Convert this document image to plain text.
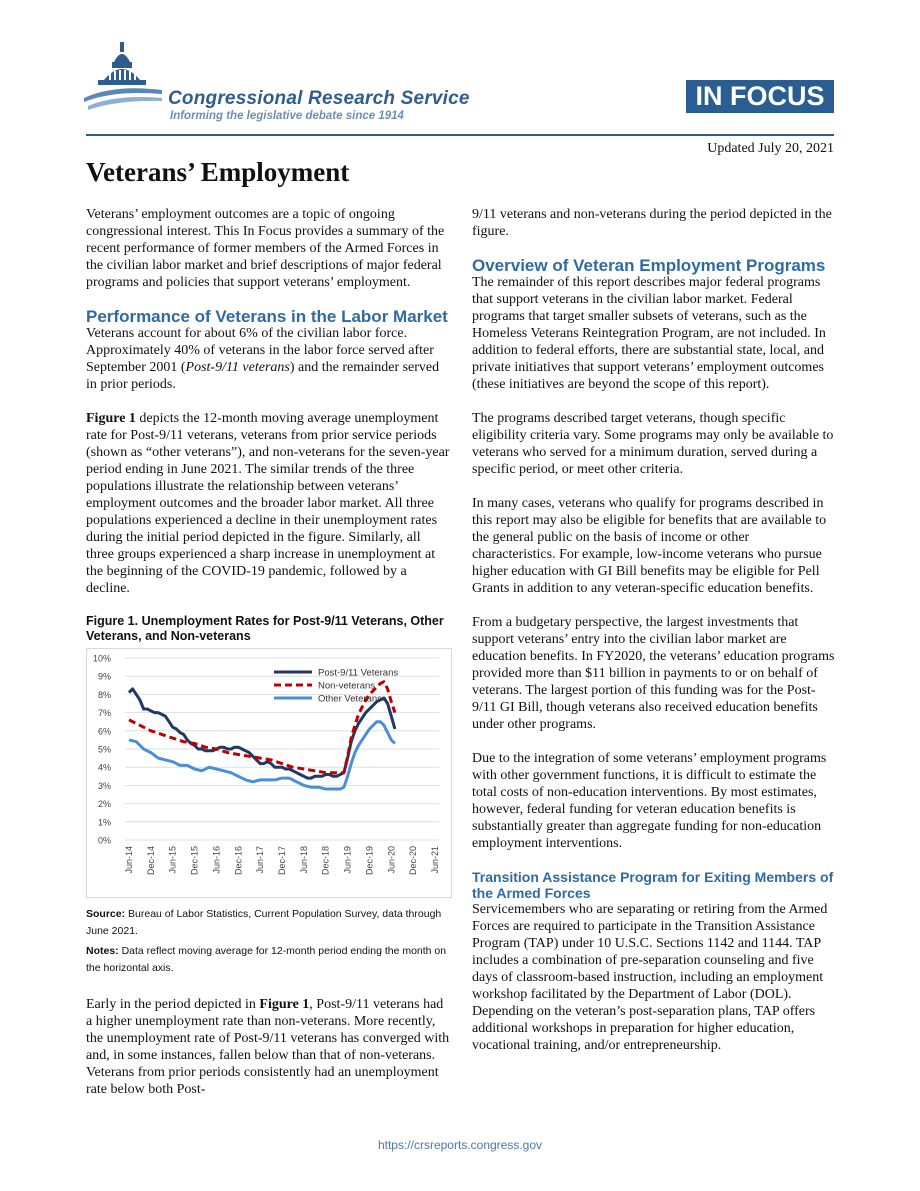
Congressional Research Service
Informing the legislative debate since 1914
IN FOCUS
Updated July 20, 2021
Veterans’ Employment

Veterans’ employment outcomes are a topic of ongoing congressional interest. This In Focus provides a summary of the recent performance of former members of the Armed Forces in the civilian labor market and brief descriptions of major federal programs and policies that support veterans’ employment.

Performance of Veterans in the Labor Market

Veterans account for about 6% of the civilian labor force. Approximately 40% of veterans in the labor force served after September 2001 (Post-9/11 veterans) and the remainder served in prior periods.

Figure 1 depicts the 12-month moving average unemployment rate for Post-9/11 veterans, veterans from prior service periods (shown as “other veterans”), and non-veterans for the seven-year period ending in June 2021. The similar trends of the three populations illustrate the relationship between veterans’ employment outcomes and the broader labor market. All three populations experienced a decline in their unemployment rates during the initial period depicted in the figure. Similarly, all three groups experienced a sharp increase in unemployment at the beginning of the COVID-19 pandemic, followed by a decline.

Figure 1. Unemployment Rates for Post-9/11 Veterans, Other Veterans, and Non-veterans
0%
1%
2%
3%
4%
5%
6%
7%
8%
9%
10%
Jun-14 Dec-14 Jun-15 Dec-15 Jun-16 Dec-16 Jun-17 Dec-17 Jun-18 Dec-18 Jun-19 Dec-19 Jun-20 Dec-20 Jun-21
Post-9/11 Veterans
Non-veterans
Other Veterans
Source: Bureau of Labor Statistics, Current Population Survey, data through June 2021.
Notes: Data reflect moving average for 12-month period ending the month on the horizontal axis.

Early in the period depicted in Figure 1, Post-9/11 veterans had a higher unemployment rate than non-veterans. More recently, the unemployment rate of Post-9/11 veterans has converged with and, in some instances, fallen below than that of non-veterans. Veterans from prior periods consistently had an unemployment rate below both Post-

9/11 veterans and non-veterans during the period depicted in the figure.

Overview of Veteran Employment Programs

The remainder of this report describes major federal programs that support veterans in the civilian labor market. Federal programs that target smaller subsets of veterans, such as the Homeless Veterans Reintegration Program, are not included. In addition to federal efforts, there are substantial state, local, and private initiatives that support veterans’ employment outcomes (these initiatives are beyond the scope of this report).

The programs described target veterans, though specific eligibility criteria vary. Some programs may only be available to veterans who served for a minimum duration, served during a specific period, or meet other criteria.

In many cases, veterans who qualify for programs described in this report may also be eligible for benefits that are available to the general public on the basis of income or other characteristics. For example, low-income veterans who pursue higher education with GI Bill benefits may be eligible for Pell Grants in addition to any veteran-specific education benefits.

From a budgetary perspective, the largest investments that support veterans’ entry into the civilian labor market are education benefits. In FY2020, the veterans’ education programs provided more than $11 billion in payments to or on behalf of veterans. The largest portion of this funding was for the Post-9/11 GI Bill, though veterans also received education benefits under other programs.

Due to the integration of some veterans’ employment programs with other government functions, it is difficult to estimate the total costs of non-education interventions. By most estimates, however, federal funding for veteran education benefits is substantially greater than aggregate funding for non-education employment interventions.

Transition Assistance Program for Exiting Members of the Armed Forces

Servicemembers who are separating or retiring from the Armed Forces are required to participate in the Transition Assistance Program (TAP) under 10 U.S.C. Sections 1142 and 1144. TAP includes a combination of pre-separation counseling and five days of classroom-based instruction, including an employment workshop facilitated by the Department of Labor (DOL). Depending on the veteran’s post-separation plans, TAP offers additional workshops in preparation for higher education, vocational training, and/or entrepreneurship.

https://crsreports.congress.gov
